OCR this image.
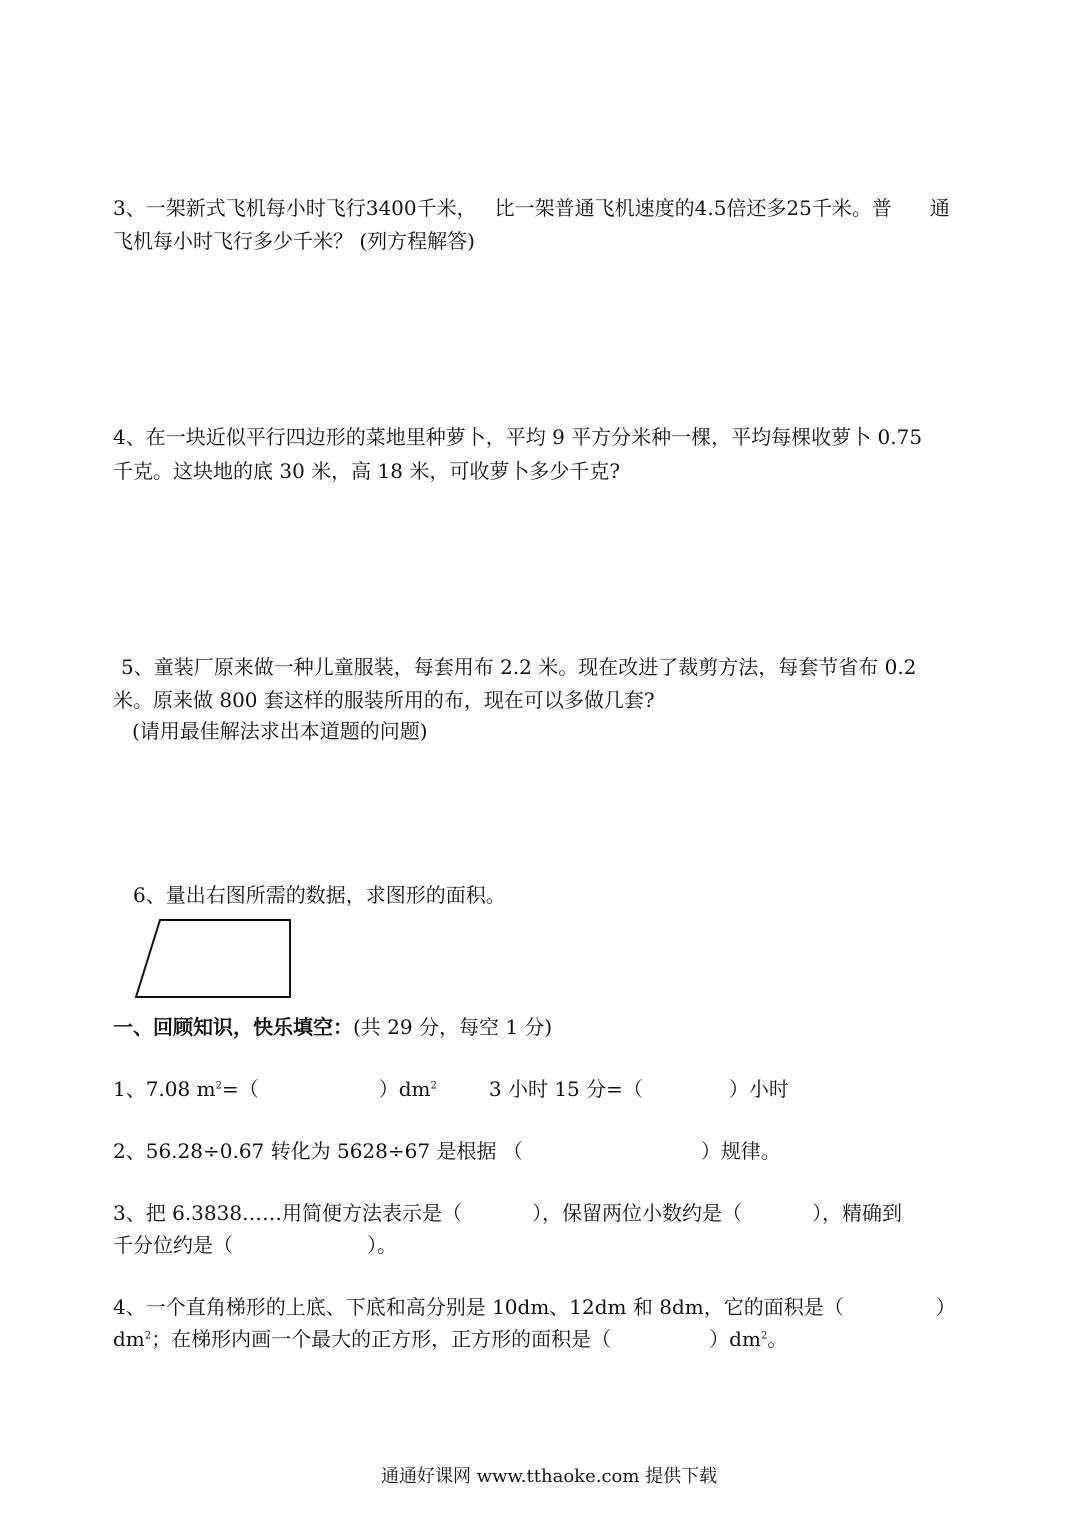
3、一架新式飞机每小时飞行3400千米， 比一架普通飞机速度的4.5倍还多25千米。普 通
飞机每小时飞行多少千米？ (列方程解答)
4、在一块近似平行四边形的菜地里种萝卜，平均 9 平方分米种一棵，平均每棵收萝卜 0.75
千克。这块地的底 30 米，高 18 米，可收萝卜多少千克?
5、童装厂原来做一种儿童服装，每套用布 2.2 米。现在改进了裁剪方法，每套节省布 0.2
米。原来做 800 套这样的服装所用的布，现在可以多做几套?
(请用最佳解法求出本道题的问题)
6、量出右图所需的数据，求图形的面积。
一、回顾知识，快乐填空：(共 29 分，每空 1 分)
1、7.08 $m^2=$（	）$dm^2$	3 小时 15 分=（	）小时
2、56.28÷0.67 转化为 5628÷67 是根据 （	）规律。
3、把 6.3838……用简便方法表示是（	），保留两位小数约是（	），精确到
千分位约是（	）。
4、一个直角梯形的上底、下底和高分别是 10dm、12dm 和 8dm，它的面积是（	）
$dm^2$；在梯形内画一个最大的正方形，正方形的面积是（	）$dm^2$。
通通好课网 www.tthaoke.com 提供下载
